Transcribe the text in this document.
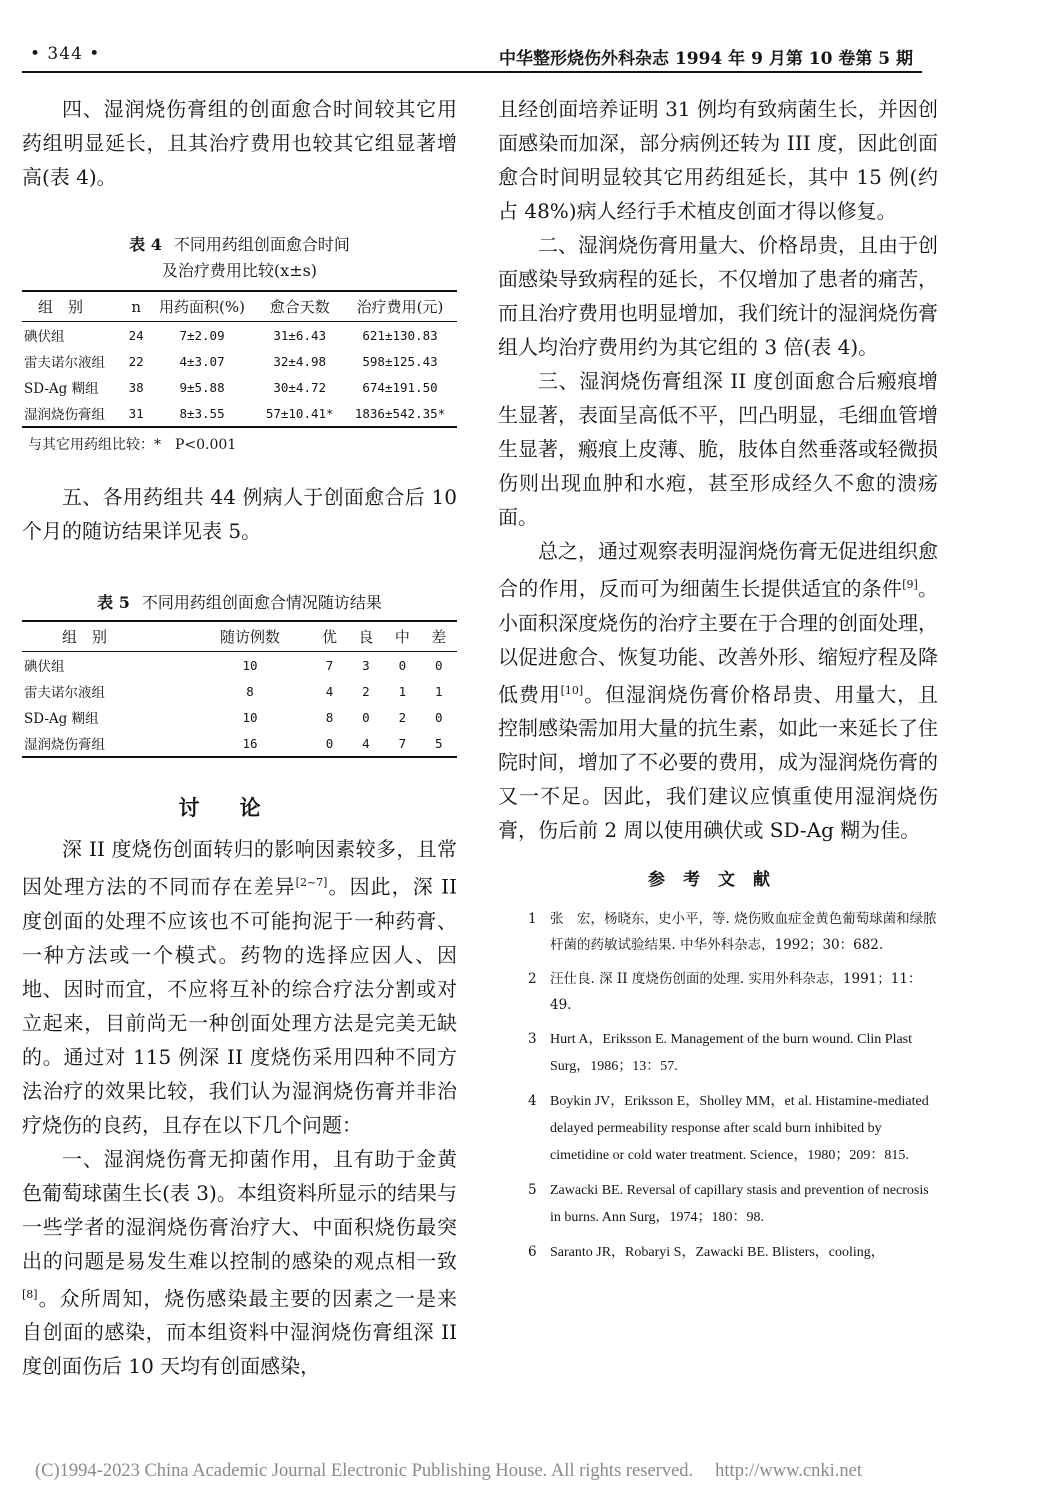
• 344 •	中华整形烧伤外科杂志 1994 年 9 月第 10 卷第 5 期

四、湿润烧伤膏组的创面愈合时间较其它用药组明显延长，且其治疗费用也较其它组显著增高(表 4)。

表 4 不同用药组创面愈合时间

及治疗费用比较(x±s)

组　别	n	用药面积(%)	愈合天数	治疗费用(元)
碘伏组	24	7±2.09	31±6.43	621±130.83
雷夫诺尔液组	22	4±3.07	32±4.98	598±125.43
SD-Ag 糊组	38	9±5.88	30±4.72	674±191.50
湿润烧伤膏组	31	8±3.55	57±10.41*	1836±542.35*

与其它用药组比较：*　P<0.001

五、各用药组共 44 例病人于创面愈合后 10 个月的随访结果详见表 5。

表 5 不同用药组创面愈合情况随访结果

组　别	随访例数	优	良	中	差
碘伏组	10	7	3	0	0
雷夫诺尔液组	8	4	2	1	1
SD-Ag 糊组	10	8	0	2	0
湿润烧伤膏组	16	0	4	7	5

讨论

深 II 度烧伤创面转归的影响因素较多，且常因处理方法的不同而存在差异[2~7]。因此，深 II 度创面的处理不应该也不可能拘泥于一种药膏、一种方法或一个模式。药物的选择应因人、因地、因时而宜，不应将互补的综合疗法分割或对立起来，目前尚无一种创面处理方法是完美无缺的。通过对 115 例深 II 度烧伤采用四种不同方法治疗的效果比较，我们认为湿润烧伤膏并非治疗烧伤的良药，且存在以下几个问题：

一、湿润烧伤膏无抑菌作用，且有助于金黄色葡萄球菌生长(表 3)。本组资料所显示的结果与一些学者的湿润烧伤膏治疗大、中面积烧伤最突出的问题是易发生难以控制的感染的观点相一致[8]。众所周知，烧伤感染最主要的因素之一是来自创面的感染，而本组资料中湿润烧伤膏组深 II 度创面伤后 10 天均有创面感染，

且经创面培养证明 31 例均有致病菌生长，并因创面感染而加深，部分病例还转为 III 度，因此创面愈合时间明显较其它用药组延长，其中 15 例(约占 48%)病人经行手术植皮创面才得以修复。

二、湿润烧伤膏用量大、价格昂贵，且由于创面感染导致病程的延长，不仅增加了患者的痛苦，而且治疗费用也明显增加，我们统计的湿润烧伤膏组人均治疗费用约为其它组的 3 倍(表 4)。

三、湿润烧伤膏组深 II 度创面愈合后瘢痕增生显著，表面呈高低不平，凹凸明显，毛细血管增生显著，瘢痕上皮薄、脆，肢体自然垂落或轻微损伤则出现血肿和水疱，甚至形成经久不愈的溃疡面。

总之，通过观察表明湿润烧伤膏无促进组织愈合的作用，反而可为细菌生长提供适宜的条件[9]。小面积深度烧伤的治疗主要在于合理的创面处理，以促进愈合、恢复功能、改善外形、缩短疗程及降低费用[10]。但湿润烧伤膏价格昂贵、用量大，且控制感染需加用大量的抗生素，如此一来延长了住院时间，增加了不必要的费用，成为湿润烧伤膏的又一不足。因此，我们建议应慎重使用湿润烧伤膏，伤后前 2 周以使用碘伏或 SD-Ag 糊为佳。

参考文献

1 张　宏，杨晓东，史小平，等. 烧伤败血症金黄色葡萄球菌和绿脓杆菌的药敏试验结果. 中华外科杂志，1992；30：682.

2 汪仕良. 深 II 度烧伤创面的处理. 实用外科杂志，1991；11：49.

3 Hurt A，Eriksson E. Management of the burn wound. Clin Plast Surg，1986；13：57.

4 Boykin JV，Eriksson E，Sholley MM，et al. Histamine-mediated delayed permeability response after scald burn inhibited by cimetidine or cold water treatment. Science，1980；209：815.

5 Zawacki BE. Reversal of capillary stasis and prevention of necrosis in burns. Ann Surg，1974；180：98.

6 Saranto JR，Robaryi S，Zawacki BE. Blisters，cooling，

(C)1994-2023 China Academic Journal Electronic Publishing House. All rights reserved. http://www.cnki.net
